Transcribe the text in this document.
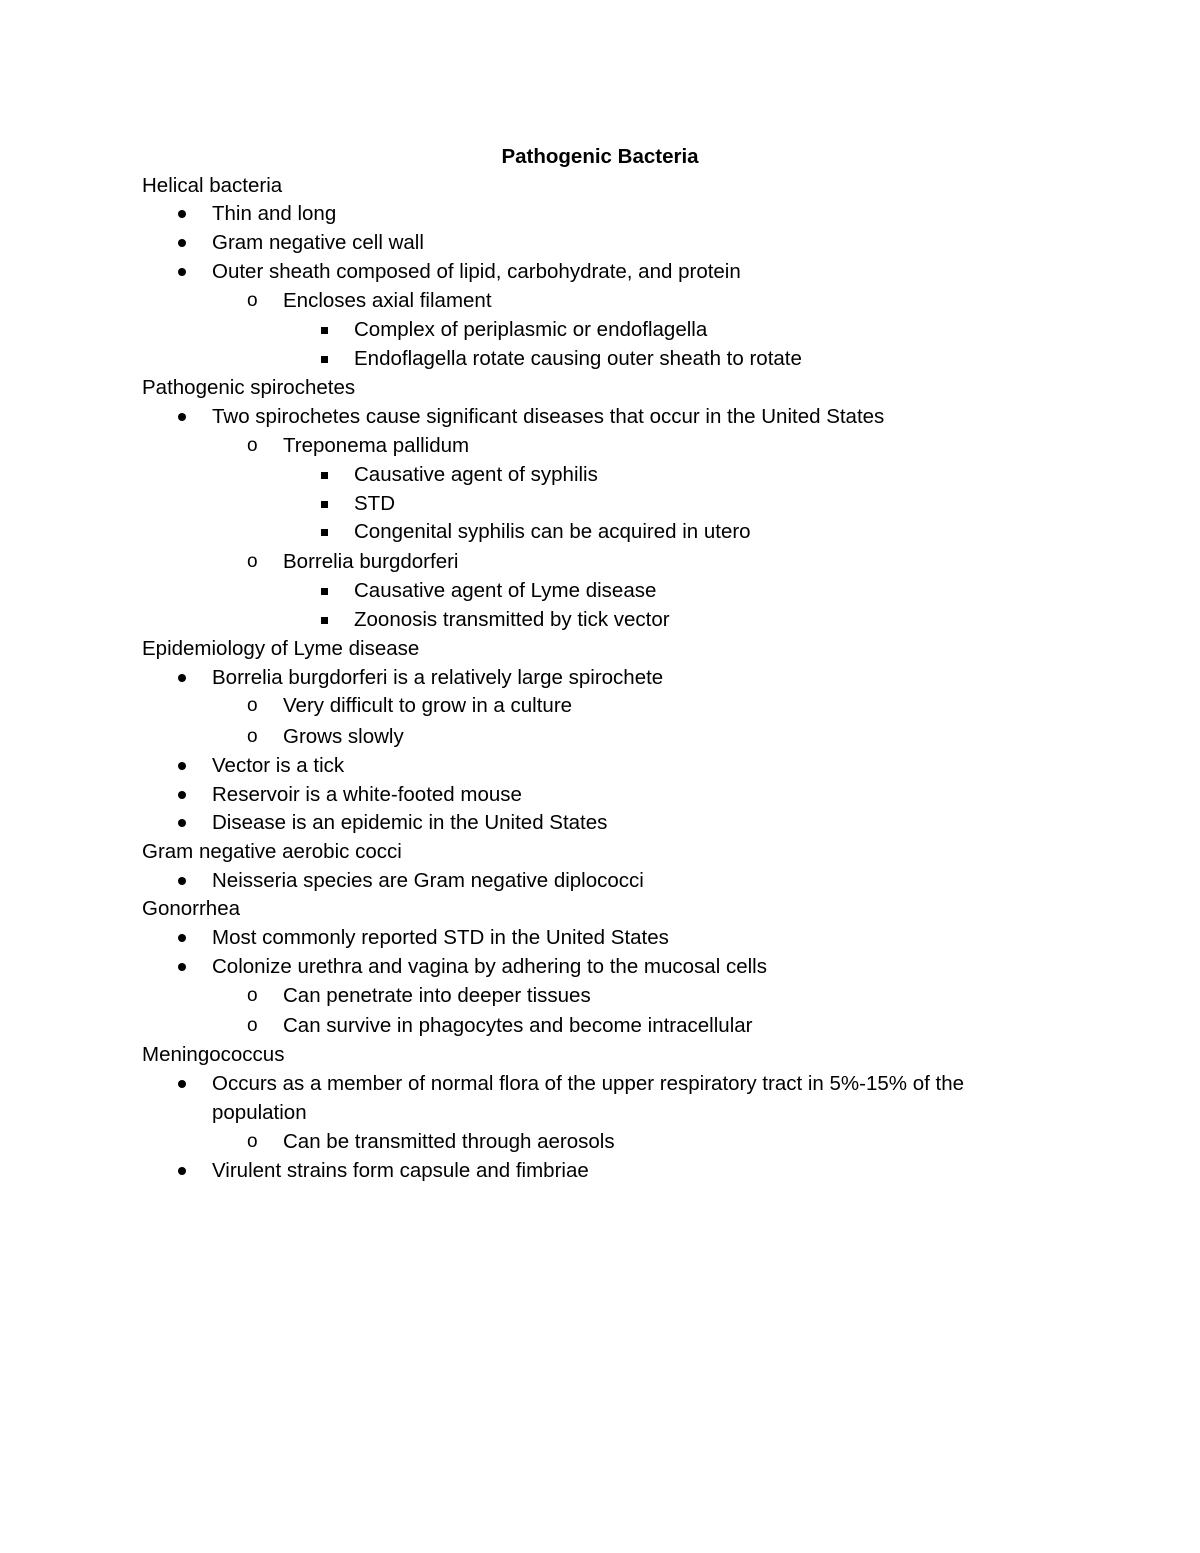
Pathogenic Bacteria
Helical bacteria
Thin and long
Gram negative cell wall
Outer sheath composed of lipid, carbohydrate, and protein
o Encloses axial filament
Complex of periplasmic or endoflagella
Endoflagella rotate causing outer sheath to rotate
Pathogenic spirochetes
Two spirochetes cause significant diseases that occur in the United States
o Treponema pallidum
Causative agent of syphilis
STD
Congenital syphilis can be acquired in utero
o Borrelia burgdorferi
Causative agent of Lyme disease
Zoonosis transmitted by tick vector
Epidemiology of Lyme disease
Borrelia burgdorferi is a relatively large spirochete
o Very difficult to grow in a culture
o Grows slowly
Vector is a tick
Reservoir is a white-footed mouse
Disease is an epidemic in the United States
Gram negative aerobic cocci
Neisseria species are Gram negative diplococci
Gonorrhea
Most commonly reported STD in the United States
Colonize urethra and vagina by adhering to the mucosal cells
o Can penetrate into deeper tissues
o Can survive in phagocytes and become intracellular
Meningococcus
Occurs as a member of normal flora of the upper respiratory tract in 5%-15% of the
population
o Can be transmitted through aerosols
Virulent strains form capsule and fimbriae
